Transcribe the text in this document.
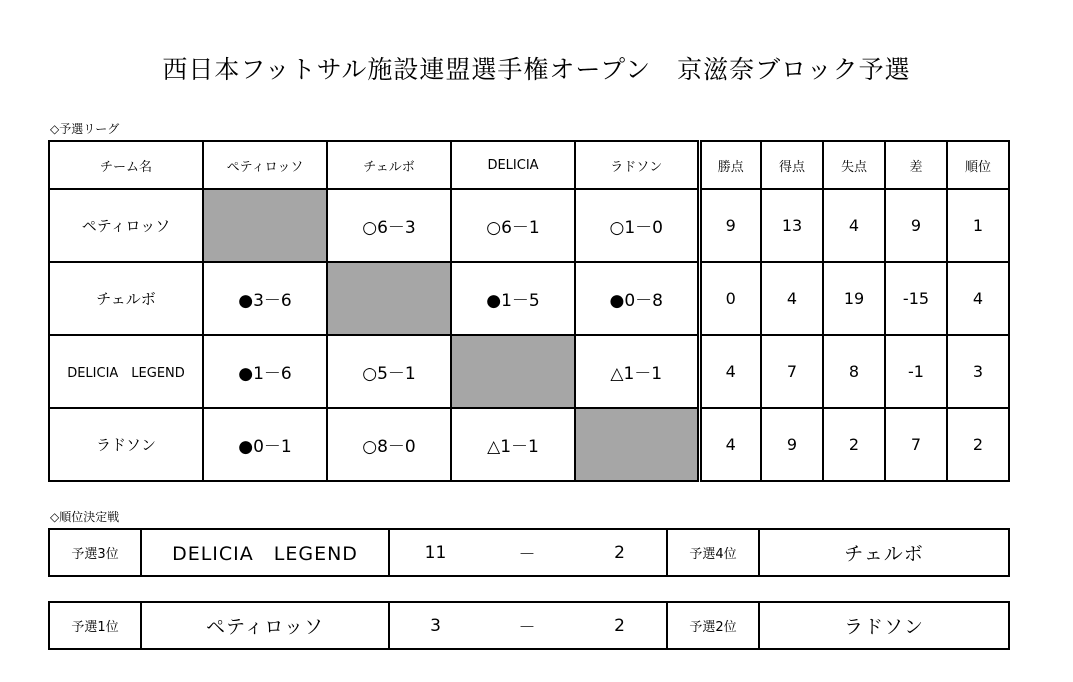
西日本フットサル施設連盟選手権オープン　京滋奈ブロック予選
◇予選リーグ
チーム名	ペティロッソ	チェルボ	DELICIA	ラドソン	勝点	得点	失点	差	順位
ペティロッソ		○6－3	○6－1	○1－0	9	13	4	9	1
チェルボ	●3－6		●1－5	●0－8	0	4	19	-15	4
DELICIA　LEGEND	●1－6	○5－1		△1－1	4	7	8	-1	3
ラドソン	●0－1	○8－0	△1－1		4	9	2	7	2
◇順位決定戦
予選3位	DELICIA　LEGEND	11	－	2	予選4位	チェルボ
予選1位	ペティロッソ	3	－	2	予選2位	ラドソン
